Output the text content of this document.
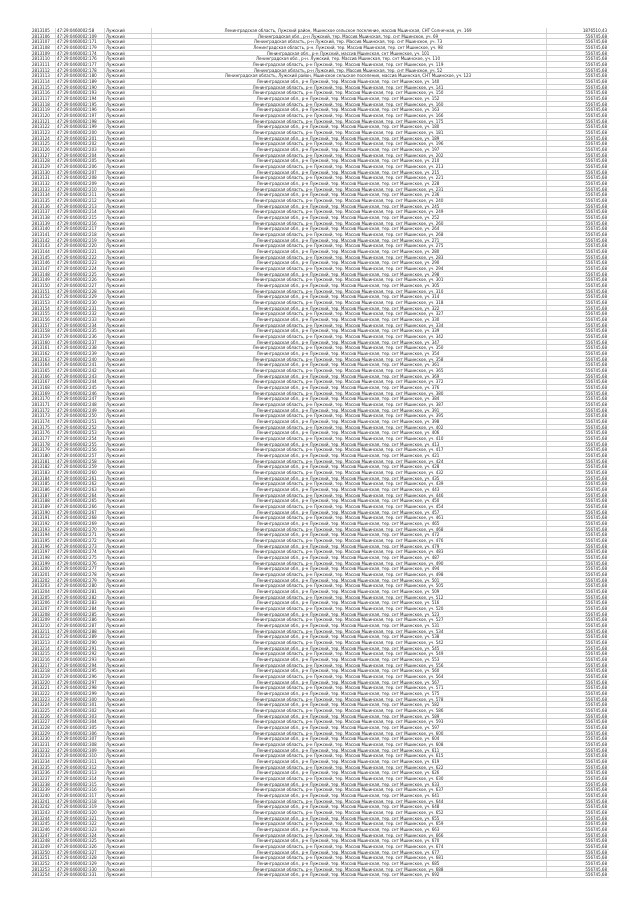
2813105	47:29:0460002:58	Лужский	Ленинградская область, Лужский район, Мшинское сельское поселение, массив Мшинская, СНТ Солнечная, уч. 169	1876510,43
2813106	47:29:0460002:109	Лужский	Ленинградская обл., р-н Лужский, тер. Массив Мшинская, тер. снт Мшинское, уч. 69	556745,68
2813107	47:29:0460002:171	Лужский	Ленинградская область, р-н Лужский, тер. Массив Мшинская, тер. снт Мшинское, уч. 73	556745,68
2813108	47:29:0460002:179	Лужский	Ленинградская область, р-н. Лужский, тер. Массив Мшинская, тер. снт Мшинское, уч. 98	556745,68
2813109	47:29:0460002:174	Лужский	Ленинградская обл., р-н Лужский, массив Мшинская, снт Мшинское, уч. 101	556745,68
2813110	47:29:0460002:176	Лужский	Ленинградская обл., р-н. Лужский, тер. Массив Мшинская, тер. снт Мшинское, уч. 110	556745,68
2813111	47:29:0460002:177	Лужский	Ленинградская область, р-н Лужский, тер. Массив Мшинская, тер. снт Мшинское, уч. 119	556745,68
2813112	47:29:0460002:178	Лужский	Ленинградская область, р-н Лужский, тер. Массив Мшинская, тер. снт Мшинское, уч. 52	556745,68
2813113	47:29:0460002:180	Лужский	Ленинградская область, Лужский район, Мшинское сельское поселение, массив Мшинская, СНТ Мшинское, уч. 123	556745,68
2813114	47:29:0460002:189	Лужский	Ленинградская обл., р-н Лужский, тер. Массив Мшинская, тер. снт Мшинское, уч. 140	556745,68
2813115	47:29:0460002:190	Лужский	Ленинградская область, р-н Лужский, тер. Массив Мшинская, тер. снт Мшинское, уч. 141	556745,68
2813116	47:29:0460002:193	Лужский	Ленинградская область, р-н Лужский, тер. Массив Мшинская, тер. снт Мшинское, уч. 150	556745,68
2813117	47:29:0460002:194	Лужский	Ленинградская обл., р-н Лужский, тер. Массив Мшинская, тер. снт Мшинское, уч. 152	556745,68
2813118	47:29:0460002:195	Лужский	Ленинградская область, р-н Лужский, тер. Массив Мшинская, тер. снт Мшинское, уч. 160	556745,68
2813119	47:29:0460002:196	Лужский	Ленинградская обл., р-н Лужский, тер. Массив Мшинская, тер. снт Мшинское, уч. 163	556745,68
2813120	47:29:0460002:197	Лужский	Ленинградская область, р-н Лужский, тер. Массив Мшинская, тер. снт Мшинское, уч. 166	556745,68
2813121	47:29:0460002:198	Лужский	Ленинградская область, р-н Лужский, тер. Массив Мшинская, тер. снт Мшинское, уч. 175	556745,68
2813122	47:29:0460002:199	Лужский	Ленинградская обл., р-н Лужский, тер. Массив Мшинская, тер. снт Мшинское, уч. 180	556745,68
2813123	47:29:0460002:200	Лужский	Ленинградская область, р-н Лужский, тер. Массив Мшинская, тер. снт Мшинское, уч. 181	556745,68
2813124	47:29:0460002:201	Лужский	Ленинградская обл., р-н Лужский, тер. Массив Мшинская, тер. снт Мшинское, уч. 189	556745,68
2813125	47:29:0460002:202	Лужский	Ленинградская область, р-н Лужский, тер. Массив Мшинская, тер. снт Мшинское, уч. 196	556745,68
2813126	47:29:0460002:203	Лужский	Ленинградская обл., р-н Лужский, тер. Массив Мшинская, тер. снт Мшинское, уч. 197	556745,68
2813127	47:29:0460002:204	Лужский	Ленинградская область, р-н Лужский, тер. Массив Мшинская, тер. снт Мшинское, уч. 202	556745,68
2813128	47:29:0460002:205	Лужский	Ленинградская обл., р-н Лужский, тер. Массив Мшинская, тер. снт Мшинское, уч. 210	556745,68
2813129	47:29:0460002:206	Лужский	Ленинградская область, р-н Лужский, тер. Массив Мшинская, тер. снт Мшинское, уч. 213	556745,68
2813130	47:29:0460002:207	Лужский	Ленинградская обл., р-н Лужский, тер. Массив Мшинская, тер. снт Мшинское, уч. 215	556745,68
2813131	47:29:0460002:208	Лужский	Ленинградская область, р-н Лужский, тер. Массив Мшинская, тер. снт Мшинское, уч. 221	556745,68
2813132	47:29:0460002:209	Лужский	Ленинградская обл., р-н Лужский, тер. Массив Мшинская, тер. снт Мшинское, уч. 228	556745,68
2813133	47:29:0460002:210	Лужский	Ленинградская область, р-н Лужский, тер. Массив Мшинская, тер. снт Мшинское, уч. 231	556745,68
2813134	47:29:0460002:211	Лужский	Ленинградская обл., р-н Лужский, тер. Массив Мшинская, тер. снт Мшинское, уч. 236	556745,68
2813135	47:29:0460002:212	Лужский	Ленинградская область, р-н Лужский, тер. Массив Мшинская, тер. снт Мшинское, уч. 240	556745,68
2813136	47:29:0460002:213	Лужский	Ленинградская обл., р-н Лужский, тер. Массив Мшинская, тер. снт Мшинское, уч. 245	556745,68
2813137	47:29:0460002:214	Лужский	Ленинградская область, р-н Лужский, тер. Массив Мшинская, тер. снт Мшинское, уч. 249	556745,68
2813138	47:29:0460002:215	Лужский	Ленинградская обл., р-н Лужский, тер. Массив Мшинская, тер. снт Мшинское, уч. 252	556745,68
2813139	47:29:0460002:216	Лужский	Ленинградская область, р-н Лужский, тер. Массив Мшинская, тер. снт Мшинское, уч. 260	556745,68
2813140	47:29:0460002:217	Лужский	Ленинградская обл., р-н Лужский, тер. Массив Мшинская, тер. снт Мшинское, уч. 264	556745,68
2813141	47:29:0460002:218	Лужский	Ленинградская область, р-н Лужский, тер. Массив Мшинская, тер. снт Мшинское, уч. 268	556745,68
2813142	47:29:0460002:219	Лужский	Ленинградская обл., р-н Лужский, тер. Массив Мшинская, тер. снт Мшинское, уч. 271	556745,68
2813143	47:29:0460002:220	Лужский	Ленинградская область, р-н Лужский, тер. Массив Мшинская, тер. снт Мшинское, уч. 275	556745,68
2813144	47:29:0460002:221	Лужский	Ленинградская обл., р-н Лужский, тер. Массив Мшинская, тер. снт Мшинское, уч. 280	556745,68
2813145	47:29:0460002:222	Лужский	Ленинградская область, р-н Лужский, тер. Массив Мшинская, тер. снт Мшинское, уч. 283	556745,68
2813146	47:29:0460002:223	Лужский	Ленинградская обл., р-н Лужский, тер. Массив Мшинская, тер. снт Мшинское, уч. 290	556745,68
2813147	47:29:0460002:224	Лужский	Ленинградская область, р-н Лужский, тер. Массив Мшинская, тер. снт Мшинское, уч. 294	556745,68
2813148	47:29:0460002:225	Лужский	Ленинградская обл., р-н Лужский, тер. Массив Мшинская, тер. снт Мшинское, уч. 298	556745,68
2813149	47:29:0460002:226	Лужский	Ленинградская область, р-н Лужский, тер. Массив Мшинская, тер. снт Мшинское, уч. 301	556745,68
2813150	47:29:0460002:227	Лужский	Ленинградская обл., р-н Лужский, тер. Массив Мшинская, тер. снт Мшинское, уч. 305	556745,68
2813151	47:29:0460002:228	Лужский	Ленинградская область, р-н Лужский, тер. Массив Мшинская, тер. снт Мшинское, уч. 310	556745,68
2813152	47:29:0460002:229	Лужский	Ленинградская обл., р-н Лужский, тер. Массив Мшинская, тер. снт Мшинское, уч. 314	556745,68
2813153	47:29:0460002:230	Лужский	Ленинградская область, р-н Лужский, тер. Массив Мшинская, тер. снт Мшинское, уч. 318	556745,68
2813154	47:29:0460002:231	Лужский	Ленинградская обл., р-н Лужский, тер. Массив Мшинская, тер. снт Мшинское, уч. 322	556745,68
2813155	47:29:0460002:232	Лужский	Ленинградская область, р-н Лужский, тер. Массив Мшинская, тер. снт Мшинское, уч. 327	556745,68
2813156	47:29:0460002:233	Лужский	Ленинградская обл., р-н Лужский, тер. Массив Мшинская, тер. снт Мшинское, уч. 330	556745,68
2813157	47:29:0460002:234	Лужский	Ленинградская область, р-н Лужский, тер. Массив Мшинская, тер. снт Мшинское, уч. 334	556745,68
2813158	47:29:0460002:235	Лужский	Ленинградская обл., р-н Лужский, тер. Массив Мшинская, тер. снт Мшинское, уч. 339	556745,68
2813159	47:29:0460002:236	Лужский	Ленинградская область, р-н Лужский, тер. Массив Мшинская, тер. снт Мшинское, уч. 342	556745,68
2813160	47:29:0460002:237	Лужский	Ленинградская обл., р-н Лужский, тер. Массив Мшинская, тер. снт Мшинское, уч. 347	556745,68
2813161	47:29:0460002:238	Лужский	Ленинградская область, р-н Лужский, тер. Массив Мшинская, тер. снт Мшинское, уч. 350	556745,68
2813162	47:29:0460002:239	Лужский	Ленинградская обл., р-н Лужский, тер. Массив Мшинская, тер. снт Мшинское, уч. 354	556745,68
2813163	47:29:0460002:240	Лужский	Ленинградская область, р-н Лужский, тер. Массив Мшинская, тер. снт Мшинское, уч. 358	556745,68
2813164	47:29:0460002:241	Лужский	Ленинградская обл., р-н Лужский, тер. Массив Мшинская, тер. снт Мшинское, уч. 361	556745,68
2813165	47:29:0460002:242	Лужский	Ленинградская область, р-н Лужский, тер. Массив Мшинская, тер. снт Мшинское, уч. 365	556745,68
2813166	47:29:0460002:243	Лужский	Ленинградская обл., р-н Лужский, тер. Массив Мшинская, тер. снт Мшинское, уч. 369	556745,68
2813167	47:29:0460002:244	Лужский	Ленинградская область, р-н Лужский, тер. Массив Мшинская, тер. снт Мшинское, уч. 372	556745,68
2813168	47:29:0460002:245	Лужский	Ленинградская обл., р-н Лужский, тер. Массив Мшинская, тер. снт Мшинское, уч. 376	556745,68
2813169	47:29:0460002:246	Лужский	Ленинградская область, р-н Лужский, тер. Массив Мшинская, тер. снт Мшинское, уч. 380	556745,68
2813170	47:29:0460002:247	Лужский	Ленинградская обл., р-н Лужский, тер. Массив Мшинская, тер. снт Мшинское, уч. 384	556745,68
2813171	47:29:0460002:248	Лужский	Ленинградская область, р-н Лужский, тер. Массив Мшинская, тер. снт Мшинское, уч. 387	556745,68
2813172	47:29:0460002:249	Лужский	Ленинградская обл., р-н Лужский, тер. Массив Мшинская, тер. снт Мшинское, уч. 391	556745,68
2813173	47:29:0460002:250	Лужский	Ленинградская область, р-н Лужский, тер. Массив Мшинская, тер. снт Мшинское, уч. 395	556745,68
2813174	47:29:0460002:251	Лужский	Ленинградская обл., р-н Лужский, тер. Массив Мшинская, тер. снт Мшинское, уч. 398	556745,68
2813175	47:29:0460002:252	Лужский	Ленинградская область, р-н Лужский, тер. Массив Мшинская, тер. снт Мшинское, уч. 402	556745,68
2813176	47:29:0460002:253	Лужский	Ленинградская обл., р-н Лужский, тер. Массив Мшинская, тер. снт Мшинское, уч. 406	556745,68
2813177	47:29:0460002:254	Лужский	Ленинградская область, р-н Лужский, тер. Массив Мшинская, тер. снт Мшинское, уч. 410	556745,68
2813178	47:29:0460002:255	Лужский	Ленинградская обл., р-н Лужский, тер. Массив Мшинская, тер. снт Мшинское, уч. 413	556745,68
2813179	47:29:0460002:256	Лужский	Ленинградская область, р-н Лужский, тер. Массив Мшинская, тер. снт Мшинское, уч. 417	556745,68
2813180	47:29:0460002:257	Лужский	Ленинградская обл., р-н Лужский, тер. Массив Мшинская, тер. снт Мшинское, уч. 421	556745,68
2813181	47:29:0460002:258	Лужский	Ленинградская область, р-н Лужский, тер. Массив Мшинская, тер. снт Мшинское, уч. 424	556745,68
2813182	47:29:0460002:259	Лужский	Ленинградская обл., р-н Лужский, тер. Массив Мшинская, тер. снт Мшинское, уч. 428	556745,68
2813183	47:29:0460002:260	Лужский	Ленинградская область, р-н Лужский, тер. Массив Мшинская, тер. снт Мшинское, уч. 432	556745,68
2813184	47:29:0460002:261	Лужский	Ленинградская обл., р-н Лужский, тер. Массив Мшинская, тер. снт Мшинское, уч. 435	556745,68
2813185	47:29:0460002:262	Лужский	Ленинградская область, р-н Лужский, тер. Массив Мшинская, тер. снт Мшинское, уч. 439	556745,68
2813186	47:29:0460002:263	Лужский	Ленинградская обл., р-н Лужский, тер. Массив Мшинская, тер. снт Мшинское, уч. 443	556745,68
2813187	47:29:0460002:264	Лужский	Ленинградская область, р-н Лужский, тер. Массив Мшинская, тер. снт Мшинское, уч. 446	556745,68
2813188	47:29:0460002:265	Лужский	Ленинградская обл., р-н Лужский, тер. Массив Мшинская, тер. снт Мшинское, уч. 450	556745,68
2813189	47:29:0460002:266	Лужский	Ленинградская область, р-н Лужский, тер. Массив Мшинская, тер. снт Мшинское, уч. 454	556745,68
2813190	47:29:0460002:267	Лужский	Ленинградская обл., р-н Лужский, тер. Массив Мшинская, тер. снт Мшинское, уч. 457	556745,68
2813191	47:29:0460002:268	Лужский	Ленинградская область, р-н Лужский, тер. Массив Мшинская, тер. снт Мшинское, уч. 461	556745,68
2813192	47:29:0460002:269	Лужский	Ленинградская обл., р-н Лужский, тер. Массив Мшинская, тер. снт Мшинское, уч. 465	556745,68
2813193	47:29:0460002:270	Лужский	Ленинградская область, р-н Лужский, тер. Массив Мшинская, тер. снт Мшинское, уч. 468	556745,68
2813194	47:29:0460002:271	Лужский	Ленинградская обл., р-н Лужский, тер. Массив Мшинская, тер. снт Мшинское, уч. 472	556745,68
2813195	47:29:0460002:272	Лужский	Ленинградская область, р-н Лужский, тер. Массив Мшинская, тер. снт Мшинское, уч. 476	556745,68
2813196	47:29:0460002:273	Лужский	Ленинградская обл., р-н Лужский, тер. Массив Мшинская, тер. снт Мшинское, уч. 479	556745,68
2813197	47:29:0460002:274	Лужский	Ленинградская область, р-н Лужский, тер. Массив Мшинская, тер. снт Мшинское, уч. 483	556745,68
2813198	47:29:0460002:275	Лужский	Ленинградская обл., р-н Лужский, тер. Массив Мшинская, тер. снт Мшинское, уч. 487	556745,68
2813199	47:29:0460002:276	Лужский	Ленинградская область, р-н Лужский, тер. Массив Мшинская, тер. снт Мшинское, уч. 490	556745,68
2813200	47:29:0460002:277	Лужский	Ленинградская обл., р-н Лужский, тер. Массив Мшинская, тер. снт Мшинское, уч. 494	556745,68
2813201	47:29:0460002:278	Лужский	Ленинградская область, р-н Лужский, тер. Массив Мшинская, тер. снт Мшинское, уч. 498	556745,68
2813202	47:29:0460002:279	Лужский	Ленинградская обл., р-н Лужский, тер. Массив Мшинская, тер. снт Мшинское, уч. 501	556745,68
2813203	47:29:0460002:280	Лужский	Ленинградская область, р-н Лужский, тер. Массив Мшинская, тер. снт Мшинское, уч. 505	556745,68
2813204	47:29:0460002:281	Лужский	Ленинградская обл., р-н Лужский, тер. Массив Мшинская, тер. снт Мшинское, уч. 509	556745,68
2813205	47:29:0460002:282	Лужский	Ленинградская область, р-н Лужский, тер. Массив Мшинская, тер. снт Мшинское, уч. 512	556745,68
2813206	47:29:0460002:283	Лужский	Ленинградская обл., р-н Лужский, тер. Массив Мшинская, тер. снт Мшинское, уч. 516	556745,68
2813207	47:29:0460002:284	Лужский	Ленинградская область, р-н Лужский, тер. Массив Мшинская, тер. снт Мшинское, уч. 520	556745,68
2813208	47:29:0460002:285	Лужский	Ленинградская обл., р-н Лужский, тер. Массив Мшинская, тер. снт Мшинское, уч. 523	556745,68
2813209	47:29:0460002:286	Лужский	Ленинградская область, р-н Лужский, тер. Массив Мшинская, тер. снт Мшинское, уч. 527	556745,68
2813210	47:29:0460002:287	Лужский	Ленинградская обл., р-н Лужский, тер. Массив Мшинская, тер. снт Мшинское, уч. 531	556745,68
2813211	47:29:0460002:288	Лужский	Ленинградская область, р-н Лужский, тер. Массив Мшинская, тер. снт Мшинское, уч. 534	556745,68
2813212	47:29:0460002:289	Лужский	Ленинградская обл., р-н Лужский, тер. Массив Мшинская, тер. снт Мшинское, уч. 538	556745,68
2813213	47:29:0460002:290	Лужский	Ленинградская область, р-н Лужский, тер. Массив Мшинская, тер. снт Мшинское, уч. 542	556745,68
2813214	47:29:0460002:291	Лужский	Ленинградская обл., р-н Лужский, тер. Массив Мшинская, тер. снт Мшинское, уч. 545	556745,68
2813215	47:29:0460002:292	Лужский	Ленинградская область, р-н Лужский, тер. Массив Мшинская, тер. снт Мшинское, уч. 549	556745,68
2813216	47:29:0460002:293	Лужский	Ленинградская обл., р-н Лужский, тер. Массив Мшинская, тер. снт Мшинское, уч. 553	556745,68
2813217	47:29:0460002:294	Лужский	Ленинградская область, р-н Лужский, тер. Массив Мшинская, тер. снт Мшинское, уч. 556	556745,68
2813218	47:29:0460002:295	Лужский	Ленинградская обл., р-н Лужский, тер. Массив Мшинская, тер. снт Мшинское, уч. 560	556745,68
2813219	47:29:0460002:296	Лужский	Ленинградская область, р-н Лужский, тер. Массив Мшинская, тер. снт Мшинское, уч. 564	556745,68
2813220	47:29:0460002:297	Лужский	Ленинградская обл., р-н Лужский, тер. Массив Мшинская, тер. снт Мшинское, уч. 567	556745,68
2813221	47:29:0460002:298	Лужский	Ленинградская область, р-н Лужский, тер. Массив Мшинская, тер. снт Мшинское, уч. 571	556745,68
2813222	47:29:0460002:299	Лужский	Ленинградская обл., р-н Лужский, тер. Массив Мшинская, тер. снт Мшинское, уч. 575	556745,68
2813223	47:29:0460002:300	Лужский	Ленинградская область, р-н Лужский, тер. Массив Мшинская, тер. снт Мшинское, уч. 578	556745,68
2813224	47:29:0460002:301	Лужский	Ленинградская обл., р-н Лужский, тер. Массив Мшинская, тер. снт Мшинское, уч. 582	556745,68
2813225	47:29:0460002:302	Лужский	Ленинградская область, р-н Лужский, тер. Массив Мшинская, тер. снт Мшинское, уч. 586	556745,68
2813226	47:29:0460002:303	Лужский	Ленинградская обл., р-н Лужский, тер. Массив Мшинская, тер. снт Мшинское, уч. 589	556745,68
2813227	47:29:0460002:304	Лужский	Ленинградская область, р-н Лужский, тер. Массив Мшинская, тер. снт Мшинское, уч. 593	556745,68
2813228	47:29:0460002:305	Лужский	Ленинградская обл., р-н Лужский, тер. Массив Мшинская, тер. снт Мшинское, уч. 597	556745,68
2813229	47:29:0460002:306	Лужский	Ленинградская область, р-н Лужский, тер. Массив Мшинская, тер. снт Мшинское, уч. 600	556745,68
2813230	47:29:0460002:307	Лужский	Ленинградская обл., р-н Лужский, тер. Массив Мшинская, тер. снт Мшинское, уч. 604	556745,68
2813231	47:29:0460002:308	Лужский	Ленинградская область, р-н Лужский, тер. Массив Мшинская, тер. снт Мшинское, уч. 608	556745,68
2813232	47:29:0460002:309	Лужский	Ленинградская обл., р-н Лужский, тер. Массив Мшинская, тер. снт Мшинское, уч. 611	556745,68
2813233	47:29:0460002:310	Лужский	Ленинградская область, р-н Лужский, тер. Массив Мшинская, тер. снт Мшинское, уч. 615	556745,68
2813234	47:29:0460002:311	Лужский	Ленинградская обл., р-н Лужский, тер. Массив Мшинская, тер. снт Мшинское, уч. 619	556745,68
2813235	47:29:0460002:312	Лужский	Ленинградская область, р-н Лужский, тер. Массив Мшинская, тер. снт Мшинское, уч. 622	556745,68
2813236	47:29:0460002:313	Лужский	Ленинградская обл., р-н Лужский, тер. Массив Мшинская, тер. снт Мшинское, уч. 626	556745,68
2813237	47:29:0460002:314	Лужский	Ленинградская область, р-н Лужский, тер. Массив Мшинская, тер. снт Мшинское, уч. 630	556745,68
2813238	47:29:0460002:315	Лужский	Ленинградская обл., р-н Лужский, тер. Массив Мшинская, тер. снт Мшинское, уч. 633	556745,68
2813239	47:29:0460002:316	Лужский	Ленинградская область, р-н Лужский, тер. Массив Мшинская, тер. снт Мшинское, уч. 637	556745,68
2813240	47:29:0460002:317	Лужский	Ленинградская обл., р-н Лужский, тер. Массив Мшинская, тер. снт Мшинское, уч. 641	556745,68
2813241	47:29:0460002:318	Лужский	Ленинградская область, р-н Лужский, тер. Массив Мшинская, тер. снт Мшинское, уч. 644	556745,68
2813242	47:29:0460002:319	Лужский	Ленинградская обл., р-н Лужский, тер. Массив Мшинская, тер. снт Мшинское, уч. 648	556745,68
2813243	47:29:0460002:320	Лужский	Ленинградская область, р-н Лужский, тер. Массив Мшинская, тер. снт Мшинское, уч. 652	556745,68
2813244	47:29:0460002:321	Лужский	Ленинградская обл., р-н Лужский, тер. Массив Мшинская, тер. снт Мшинское, уч. 655	556745,68
2813245	47:29:0460002:322	Лужский	Ленинградская область, р-н Лужский, тер. Массив Мшинская, тер. снт Мшинское, уч. 659	556745,68
2813246	47:29:0460002:323	Лужский	Ленинградская обл., р-н Лужский, тер. Массив Мшинская, тер. снт Мшинское, уч. 663	556745,68
2813247	47:29:0460002:324	Лужский	Ленинградская область, р-н Лужский, тер. Массив Мшинская, тер. снт Мшинское, уч. 666	556745,68
2813248	47:29:0460002:325	Лужский	Ленинградская обл., р-н Лужский, тер. Массив Мшинская, тер. снт Мшинское, уч. 670	556745,68
2813249	47:29:0460002:326	Лужский	Ленинградская область, р-н Лужский, тер. Массив Мшинская, тер. снт Мшинское, уч. 674	556745,68
2813250	47:29:0460002:327	Лужский	Ленинградская обл., р-н Лужский, тер. Массив Мшинская, тер. снт Мшинское, уч. 677	556745,68
2813251	47:29:0460002:328	Лужский	Ленинградская область, р-н Лужский, тер. Массив Мшинская, тер. снт Мшинское, уч. 681	556745,68
2813252	47:29:0460002:329	Лужский	Ленинградская обл., р-н Лужский, тер. Массив Мшинская, тер. снт Мшинское, уч. 685	556745,68
2813253	47:29:0460002:330	Лужский	Ленинградская область, р-н Лужский, тер. Массив Мшинская, тер. снт Мшинское, уч. 688	556745,68
2813254	47:29:0460002:331	Лужский	Ленинградская обл., р-н Лужский, тер. Массив Мшинская, тер. снт Мшинское, уч. 692	556745,68
